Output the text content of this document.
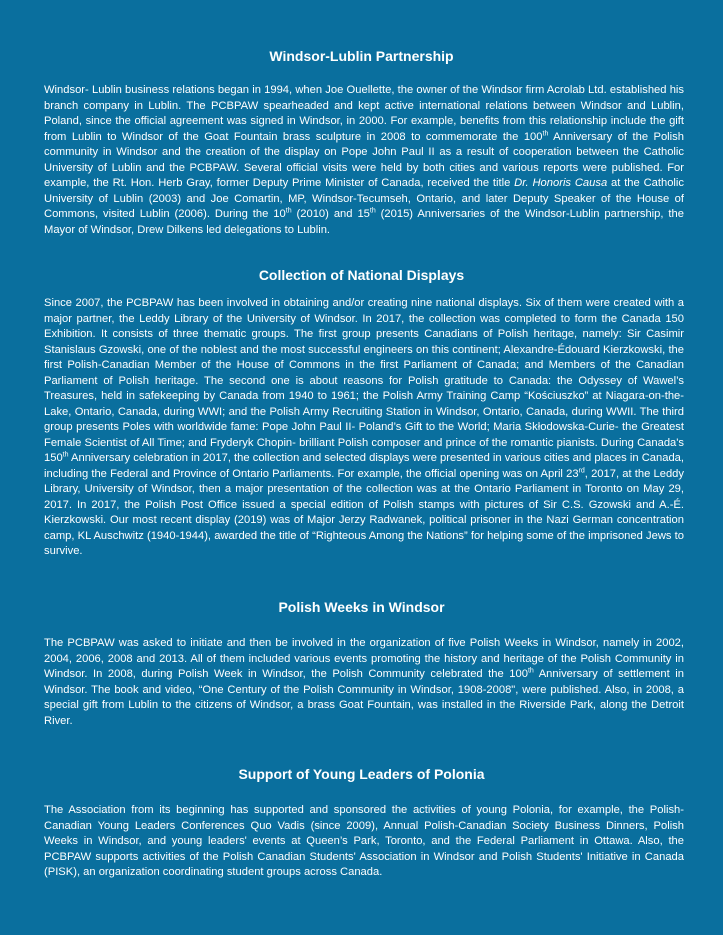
Windsor-Lublin Partnership

Windsor- Lublin business relations began in 1994, when Joe Ouellette, the owner of the Windsor firm Acrolab Ltd. established his branch company in Lublin. The PCBPAW spearheaded and kept active international relations between Windsor and Lublin, Poland, since the official agreement was signed in Windsor, in 2000. For example, benefits from this relationship include the gift from Lublin to Windsor of the Goat Fountain brass sculpture in 2008 to commemorate the 100th Anniversary of the Polish community in Windsor and the creation of the display on Pope John Paul II as a result of cooperation between the Catholic University of Lublin and the PCBPAW. Several official visits were held by both cities and various reports were published. For example, the Rt. Hon. Herb Gray, former Deputy Prime Minister of Canada, received the title Dr. Honoris Causa at the Catholic University of Lublin (2003) and Joe Comartin, MP, Windsor-Tecumseh, Ontario, and later Deputy Speaker of the House of Commons, visited Lublin (2006). During the 10th (2010) and 15th (2015) Anniversaries of the Windsor-Lublin partnership, the Mayor of Windsor, Drew Dilkens led delegations to Lublin.

Collection of National Displays

Since 2007, the PCBPAW has been involved in obtaining and/or creating nine national displays. Six of them were created with a major partner, the Leddy Library of the University of Windsor. In 2017, the collection was completed to form the Canada 150 Exhibition. It consists of three thematic groups. The first group presents Canadians of Polish heritage, namely: Sir Casimir Stanislaus Gzowski, one of the noblest and the most successful engineers on this continent; Alexandre-Édouard Kierzkowski, the first Polish-Canadian Member of the House of Commons in the first Parliament of Canada; and Members of the Canadian Parliament of Polish heritage. The second one is about reasons for Polish gratitude to Canada: the Odyssey of Wawel’s Treasures, held in safekeeping by Canada from 1940 to 1961; the Polish Army Training Camp “Kościuszko” at Niagara-on-the-Lake, Ontario, Canada, during WWI; and the Polish Army Recruiting Station in Windsor, Ontario, Canada, during WWII. The third group presents Poles with worldwide fame: Pope John Paul II- Poland’s Gift to the World; Maria Skłodowska-Curie- the Greatest Female Scientist of All Time; and Fryderyk Chopin- brilliant Polish composer and prince of the romantic pianists. During Canada's 150th Anniversary celebration in 2017, the collection and selected displays were presented in various cities and places in Canada, including the Federal and Province of Ontario Parliaments. For example, the official opening was on April 23rd, 2017, at the Leddy Library, University of Windsor, then a major presentation of the collection was at the Ontario Parliament in Toronto on May 29, 2017. In 2017, the Polish Post Office issued a special edition of Polish stamps with pictures of Sir C.S. Gzowski and A.-É. Kierzkowski. Our most recent display (2019) was of Major Jerzy Radwanek, political prisoner in the Nazi German concentration camp, KL Auschwitz (1940-1944), awarded the title of “Righteous Among the Nations” for helping some of the imprisoned Jews to survive.

Polish Weeks in Windsor

The PCBPAW was asked to initiate and then be involved in the organization of five Polish Weeks in Windsor, namely in 2002, 2004, 2006, 2008 and 2013. All of them included various events promoting the history and heritage of the Polish Community in Windsor. In 2008, during Polish Week in Windsor, the Polish Community celebrated the 100th Anniversary of settlement in Windsor. The book and video, “One Century of the Polish Community in Windsor, 1908-2008", were published. Also, in 2008, a special gift from Lublin to the citizens of Windsor, a brass Goat Fountain, was installed in the Riverside Park, along the Detroit River.

Support of Young Leaders of Polonia

The Association from its beginning has supported and sponsored the activities of young Polonia, for example, the Polish-Canadian Young Leaders Conferences Quo Vadis (since 2009), Annual Polish-Canadian Society Business Dinners, Polish Weeks in Windsor, and young leaders' events at Queen’s Park, Toronto, and the Federal Parliament in Ottawa. Also, the PCBPAW supports activities of the Polish Canadian Students' Association in Windsor and Polish Students' Initiative in Canada (PISK), an organization coordinating student groups across Canada.
